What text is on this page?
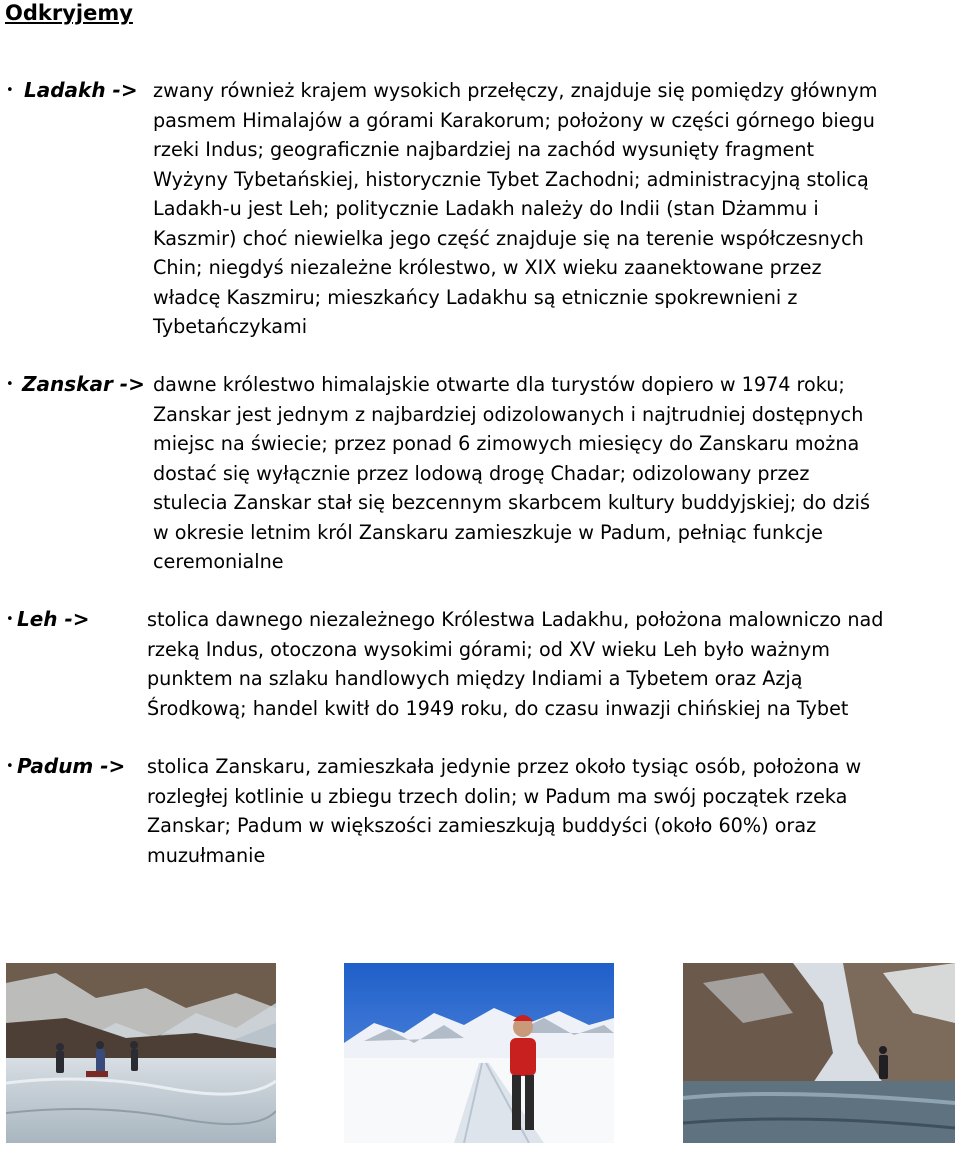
Odkryjemy
• Ladakh -> zwany również krajem wysokich przełęczy, znajduje się pomiędzy głównym
pasmem Himalajów a górami Karakorum; położony w części górnego biegu
rzeki Indus; geograficznie najbardziej na zachód wysunięty fragment
Wyżyny Tybetańskiej, historycznie Tybet Zachodni; administracyjną stolicą
Ladakh-u jest Leh; politycznie Ladakh należy do Indii (stan Dżammu i
Kaszmir) choć niewielka jego część znajduje się na terenie współczesnych
Chin; niegdyś niezależne królestwo, w XIX wieku zaanektowane przez
władcę Kaszmiru; mieszkańcy Ladakhu są etnicznie spokrewnieni z
Tybetańczykami
• Zanskar -> dawne królestwo himalajskie otwarte dla turystów dopiero w 1974 roku;
Zanskar jest jednym z najbardziej odizolowanych i najtrudniej dostępnych
miejsc na świecie; przez ponad 6 zimowych miesięcy do Zanskaru można
dostać się wyłącznie przez lodową drogę Chadar; odizolowany przez
stulecia Zanskar stał się bezcennym skarbcem kultury buddyjskiej; do dziś
w okresie letnim król Zanskaru zamieszkuje w Padum, pełniąc funkcje
ceremonialne
• Leh ->	stolica dawnego niezależnego Królestwa Ladakhu, położona malowniczo nad
rzeką Indus, otoczona wysokimi górami; od XV wieku Leh było ważnym
punktem na szlaku handlowych między Indiami a Tybetem oraz Azją
Środkową; handel kwitł do 1949 roku, do czasu inwazji chińskiej na Tybet
• Padum -> stolica Zanskaru, zamieszkała jedynie przez około tysiąc osób, położona w
rozległej kotlinie u zbiegu trzech dolin; w Padum ma swój początek rzeka
Zanskar; Padum w większości zamieszkują buddyści (około 60%) oraz
muzułmanie
